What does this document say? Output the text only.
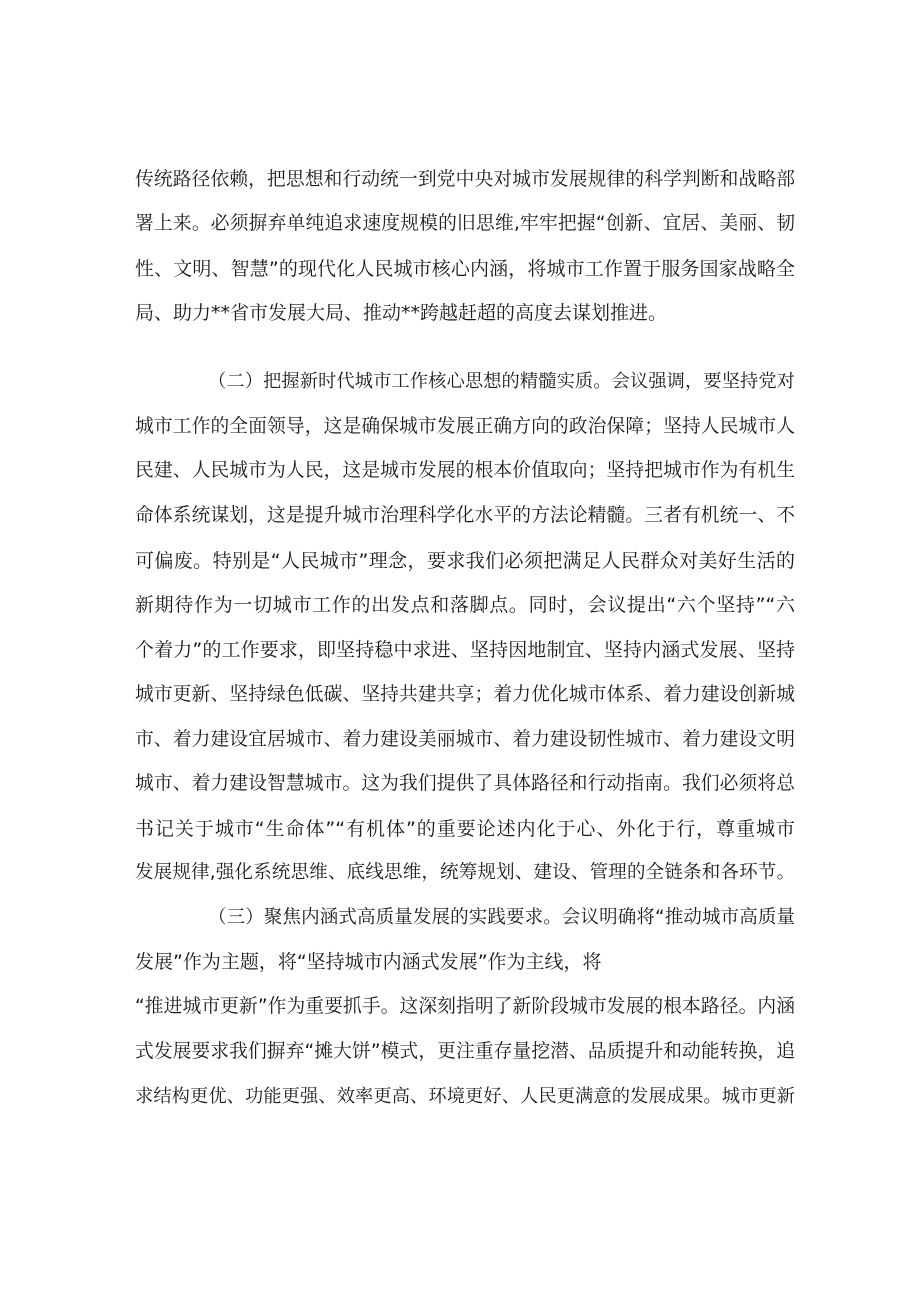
传统路径依赖，把思想和行动统一到党中央对城市发展规律的科学判断和战略部
署上来。必须摒弃单纯追求速度规模的旧思维,牢牢把握“创新、宜居、美丽、韧
性、文明、智慧”的现代化人民城市核心内涵，将城市工作置于服务国家战略全
局、助力**省市发展大局、推动**跨越赶超的高度去谋划推进。
（二）把握新时代城市工作核心思想的精髓实质。会议强调，要坚持党对
城市工作的全面领导，这是确保城市发展正确方向的政治保障；坚持人民城市人
民建、人民城市为人民，这是城市发展的根本价值取向；坚持把城市作为有机生
命体系统谋划，这是提升城市治理科学化水平的方法论精髓。三者有机统一、不
可偏废。特别是“人民城市”理念，要求我们必须把满足人民群众对美好生活的
新期待作为一切城市工作的出发点和落脚点。同时，会议提出“六个坚持”“六
个着力”的工作要求，即坚持稳中求进、坚持因地制宜、坚持内涵式发展、坚持
城市更新、坚持绿色低碳、坚持共建共享；着力优化城市体系、着力建设创新城
市、着力建设宜居城市、着力建设美丽城市、着力建设韧性城市、着力建设文明
城市、着力建设智慧城市。这为我们提供了具体路径和行动指南。我们必须将总
书记关于城市“生命体”“有机体”的重要论述内化于心、外化于行，尊重城市
发展规律,强化系统思维、底线思维，统筹规划、建设、管理的全链条和各环节。
（三）聚焦内涵式高质量发展的实践要求。会议明确将“推动城市高质量
发展”作为主题，将“坚持城市内涵式发展”作为主线，将
“推进城市更新”作为重要抓手。这深刻指明了新阶段城市发展的根本路径。内涵
式发展要求我们摒弃“摊大饼”模式，更注重存量挖潜、品质提升和动能转换，追
求结构更优、功能更强、效率更高、环境更好、人民更满意的发展成果。城市更新
